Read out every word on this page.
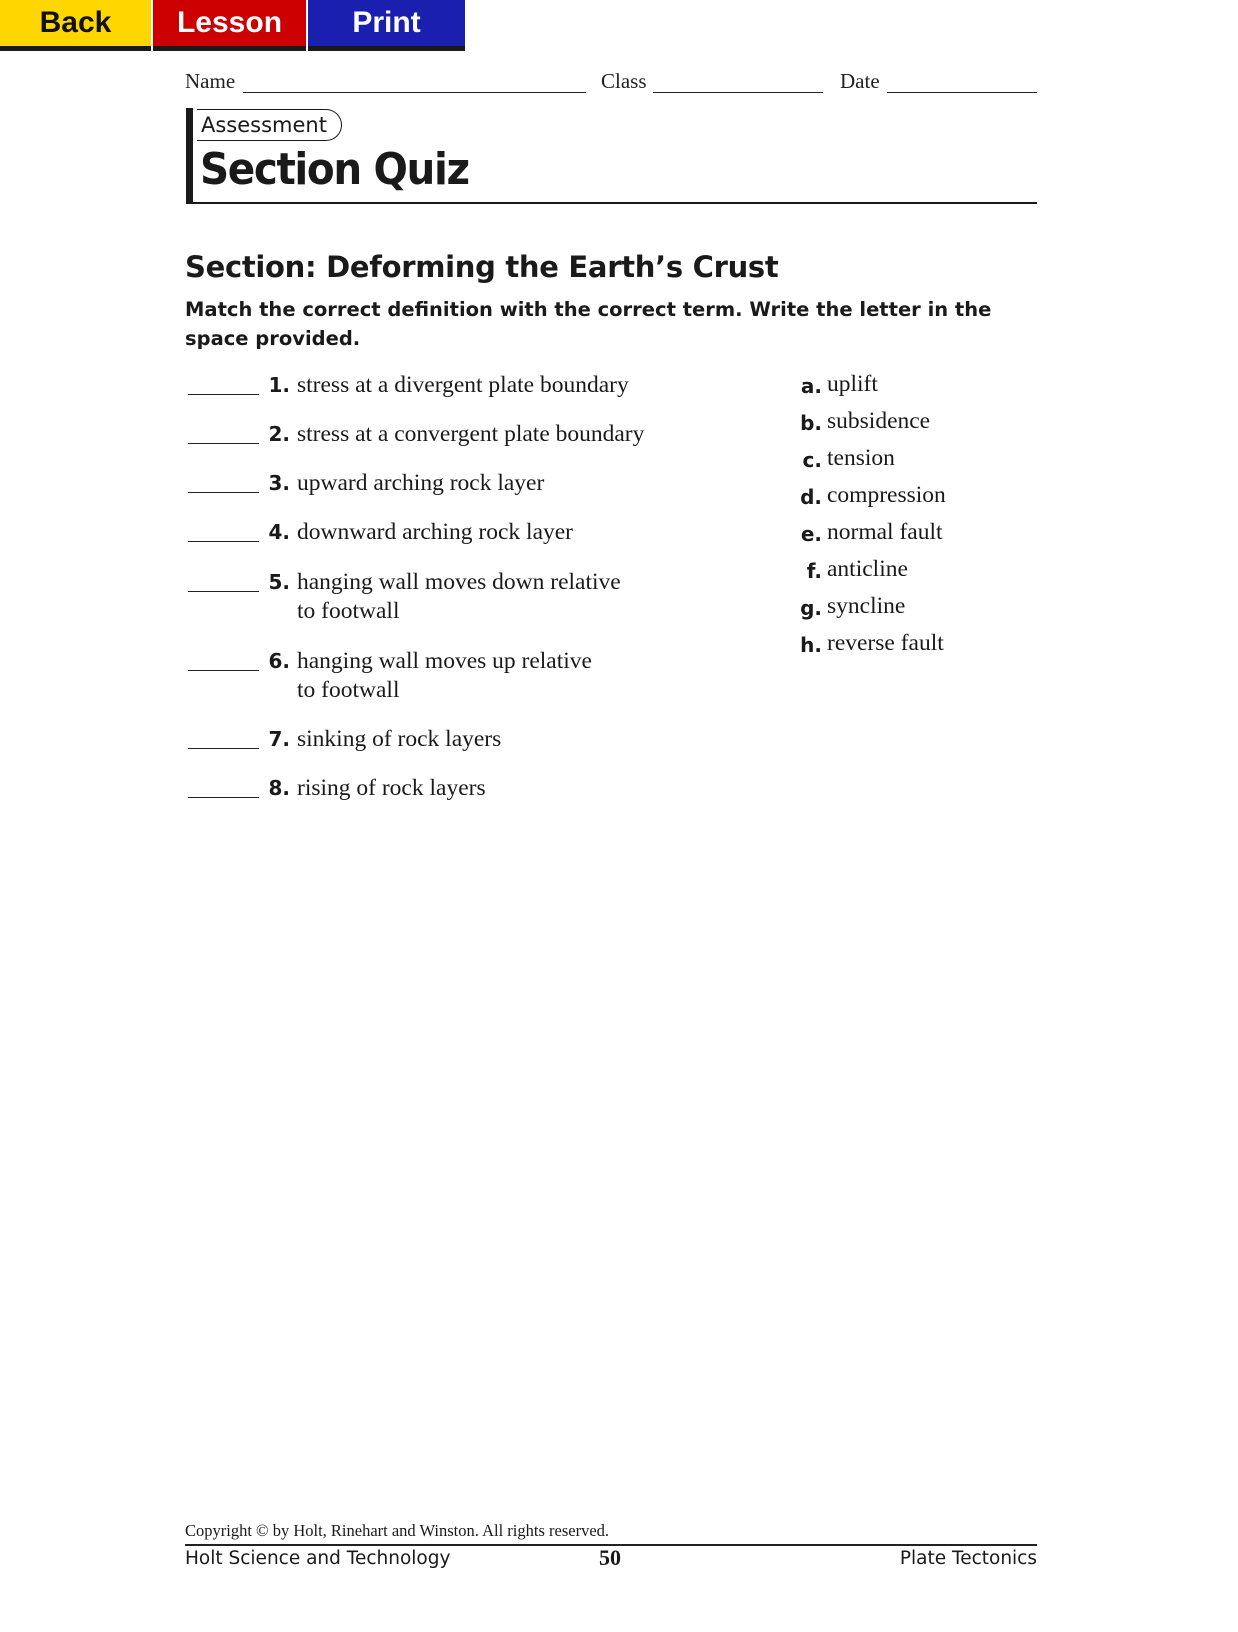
Back	Lesson	Print
Name	Class	Date
Assessment
Section Quiz
Section: Deforming the Earth’s Crust
Match the correct definition with the correct term. Write the letter in the space provided.
1. stress at a divergent plate boundary
2. stress at a convergent plate boundary
3. upward arching rock layer
4. downward arching rock layer
5. hanging wall moves down relative
to footwall
6. hanging wall moves up relative
to footwall
7. sinking of rock layers
8. rising of rock layers
a. uplift
b. subsidence
c. tension
d. compression
e. normal fault
f. anticline
g. syncline
h. reverse fault
Copyright © by Holt, Rinehart and Winston. All rights reserved.
Holt Science and Technology	50	Plate Tectonics
